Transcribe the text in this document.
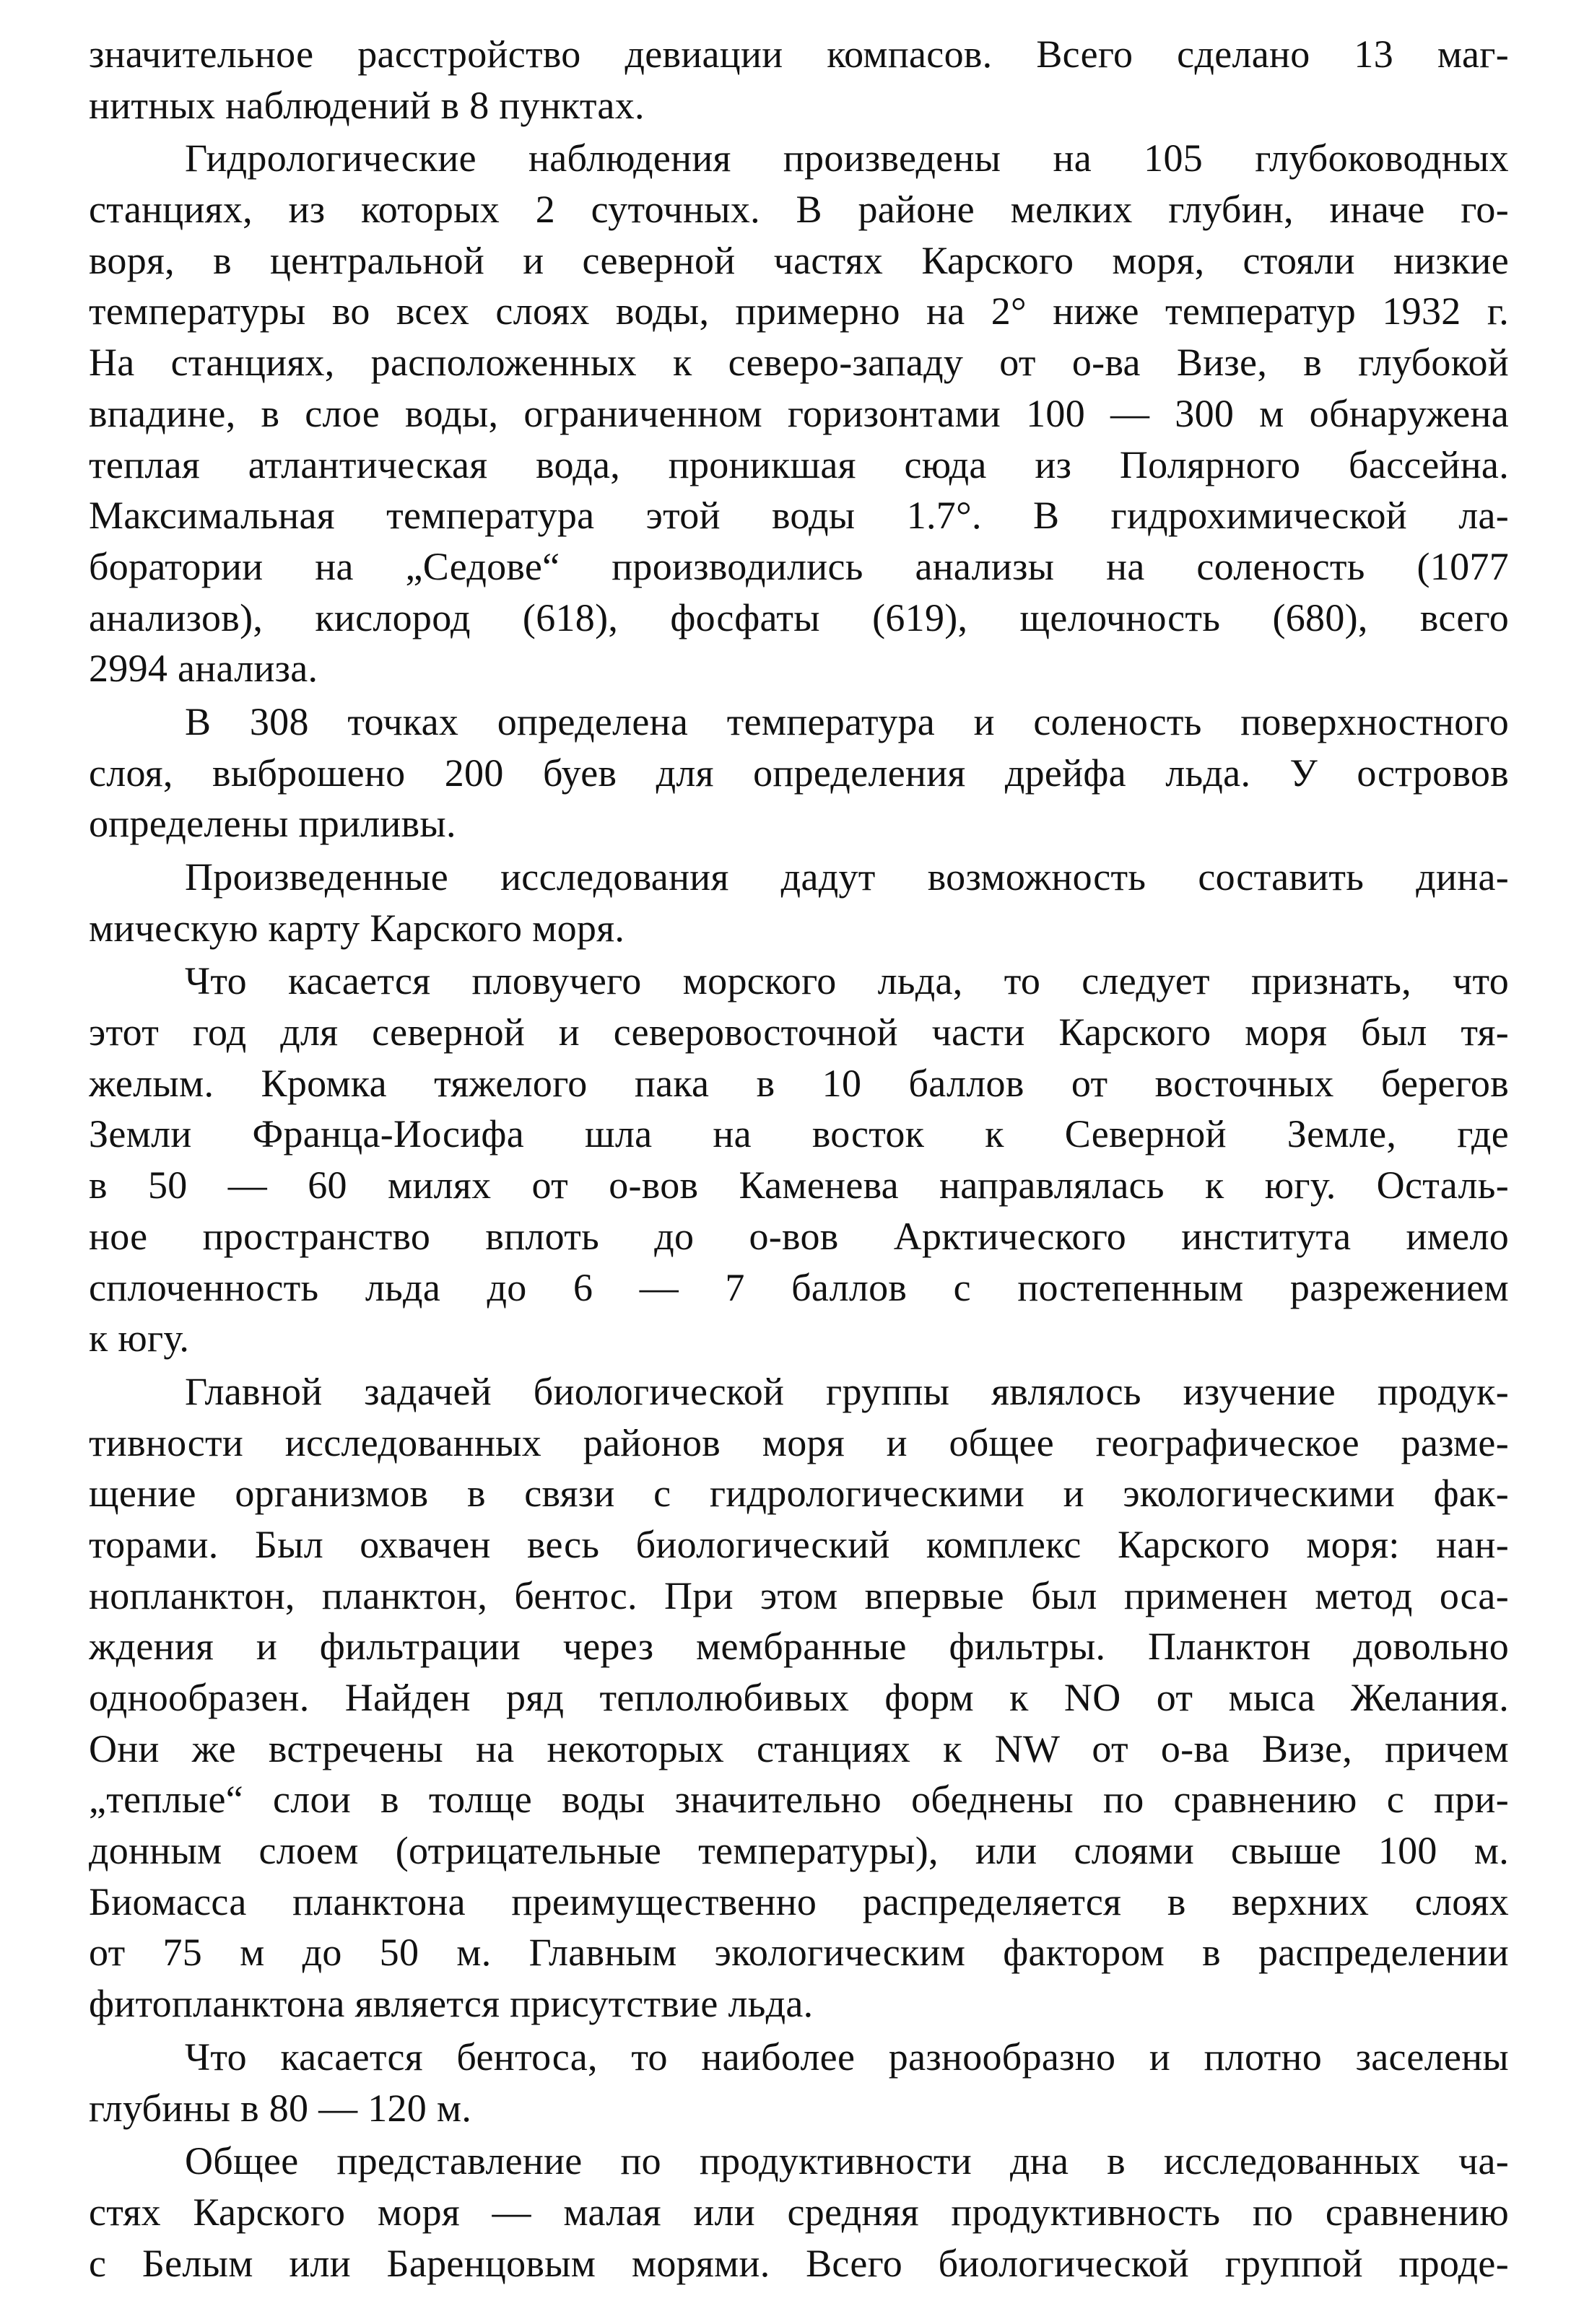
значительное расстройство девиации компасов. Всего сделано 13 маг-
нитных наблюдений в 8 пунктах.
Гидрологические наблюдения произведены на 105 глубоководных
станциях, из которых 2 суточных. В районе мелких глубин, иначе го-
воря, в центральной и северной частях Карского моря, стояли низкие
температуры во всех слоях воды, примерно на 2° ниже температур 1932 г.
На станциях, расположенных к северо-западу от о-ва Визе, в глубокой
впадине, в слое воды, ограниченном горизонтами 100 — 300 м обнаружена
теплая атлантическая вода, проникшая сюда из Полярного бассейна.
Максимальная температура этой воды 1.7°. В гидрохимической ла-
боратории на „Седове“ производились анализы на соленость (1077
анализов), кислород (618), фосфаты (619), щелочность (680), всего
2994 анализа.
В 308 точках определена температура и соленость поверхностного
слоя, выброшено 200 буев для определения дрейфа льда. У островов
определены приливы.
Произведенные исследования дадут возможность составить дина-
мическую карту Карского моря.
Что касается пловучего морского льда, то следует признать, что
этот год для северной и северовосточной части Карского моря был тя-
желым. Кромка тяжелого пака в 10 баллов от восточных берегов
Земли Франца-Иосифа шла на восток к Северной Земле, где
в 50 — 60 милях от о-вов Каменева направлялась к югу. Осталь-
ное пространство вплоть до о-вов Арктического института имело
сплоченность льда до 6 — 7 баллов с постепенным разрежением
к югу.
Главной задачей биологической группы являлось изучение продук-
тивности исследованных районов моря и общее географическое разме-
щение организмов в связи с гидрологическими и экологическими фак-
торами. Был охвачен весь биологический комплекс Карского моря: нан-
нопланктон, планктон, бентос. При этом впервые был применен метод оса-
ждения и фильтрации через мембранные фильтры. Планктон довольно
однообразен. Найден ряд теплолюбивых форм к NO от мыса Желания.
Они же встречены на некоторых станциях к NW от о-ва Визе, причем
„теплые“ слои в толще воды значительно обеднены по сравнению с при-
донным слоем (отрицательные температуры), или слоями свыше 100 м.
Биомасса планктона преимущественно распределяется в верхних слоях
от 75 м до 50 м. Главным экологическим фактором в распределении
фитопланктона является присутствие льда.
Что касается бентоса, то наиболее разнообразно и плотно заселены
глубины в 80 — 120 м.
Общее представление по продуктивности дна в исследованных ча-
стях Карского моря — малая или средняя продуктивность по сравнению
с Белым или Баренцовым морями. Всего биологической группой проде-
